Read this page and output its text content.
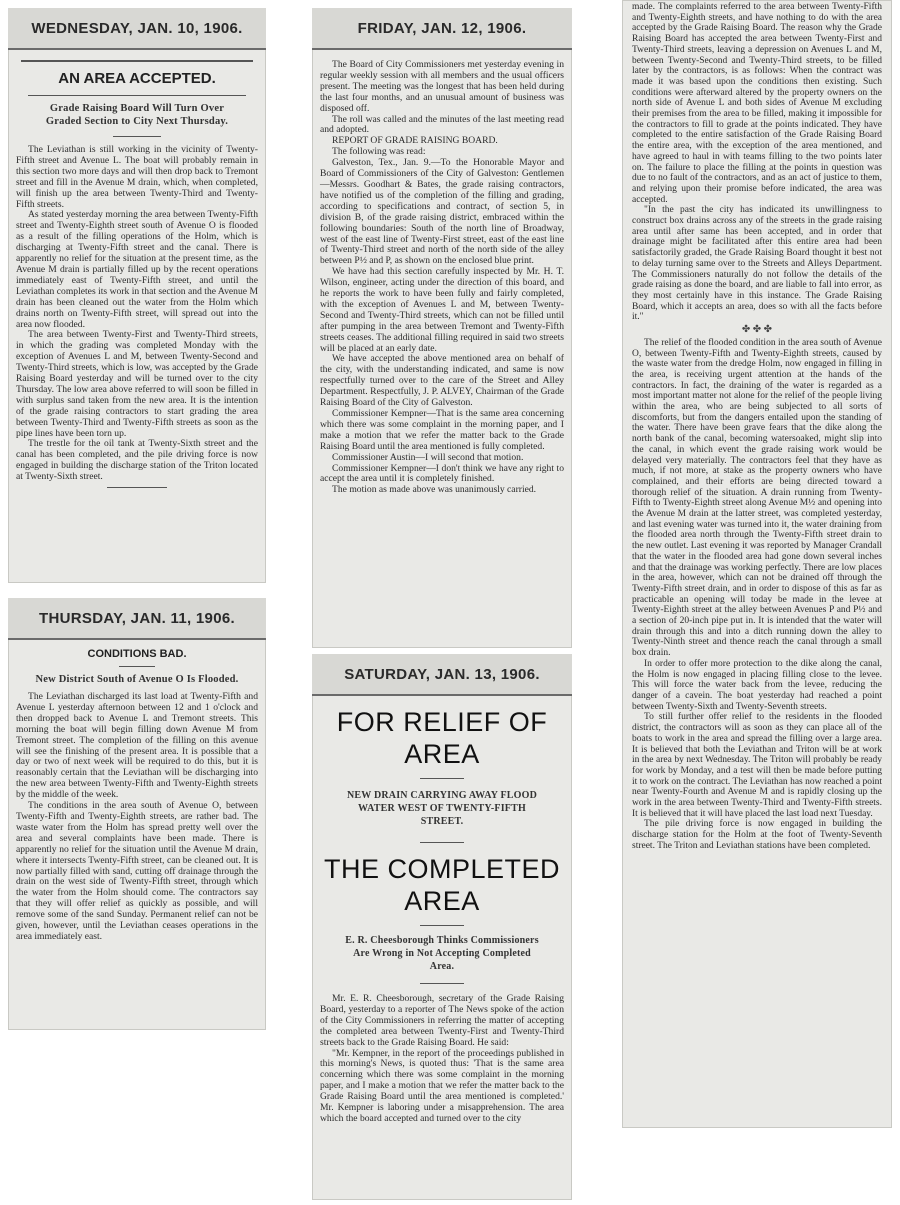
WEDNESDAY, JAN. 10, 1906.
AN AREA ACCEPTED.
Grade Raising Board Will Turn Over Graded Section to City Next Thursday.

The Leviathan is still working in the vicinity of Twenty-Fifth street and Avenue L. The boat will probably remain in this section two more days and will then drop back to Tremont street and fill in the Avenue M drain, which, when completed, will finish up the area between Twenty-Third and Twenty-Fifth streets.

As stated yesterday morning the area between Twenty-Fifth street and Twenty-Eighth street south of Avenue O is flooded as a result of the filling operations of the Holm, which is discharging at Twenty-Fifth street and the canal. There is apparently no relief for the situation at the present time, as the Avenue M drain is partially filled up by the recent operations immediately east of Twenty-Fifth street, and until the Leviathan completes its work in that section and the Avenue M drain has been cleaned out the water from the Holm which drains north on Twenty-Fifth street, will spread out into the area now flooded.

The area between Twenty-First and Twenty-Third streets, in which the grading was completed Monday with the exception of Avenues L and M, between Twenty-Second and Twenty-Third streets, which is low, was accepted by the Grade Raising Board yesterday and will be turned over to the city Thursday. The low area above referred to will soon be filled in with surplus sand taken from the new area. It is the intention of the grade raising contractors to start grading the area between Twenty-Third and Twenty-Fifth streets as soon as the pipe lines have been torn up.

The trestle for the oil tank at Twenty-Sixth street and the canal has been completed, and the pile driving force is now engaged in building the discharge station of the Triton located at Twenty-Sixth street.

THURSDAY, JAN. 11, 1906.
CONDITIONS BAD.
New District South of Avenue O Is Flooded.

The Leviathan discharged its last load at Twenty-Fifth and Avenue L yesterday afternoon between 12 and 1 o'clock and then dropped back to Avenue L and Tremont streets. This morning the boat will begin filling down Avenue M from Tremont street. The completion of the filling on this avenue will see the finishing of the present area. It is possible that a day or two of next week will be required to do this, but it is reasonably certain that the Leviathan will be discharging into the new area between Twenty-Fifth and Twenty-Eighth streets by the middle of the week.

The conditions in the area south of Avenue O, between Twenty-Fifth and Twenty-Eighth streets, are rather bad. The waste water from the Holm has spread pretty well over the area and several complaints have been made. There is apparently no relief for the situation until the Avenue M drain, where it intersects Twenty-Fifth street, can be cleaned out. It is now partially filled with sand, cutting off drainage through the drain on the west side of Twenty-Fifth street, through which the water from the Holm should come. The contractors say that they will offer relief as quickly as possible, and will remove some of the sand Sunday. Permanent relief can not be given, however, until the Leviathan ceases operations in the area immediately east.

FRIDAY, JAN. 12, 1906.

The Board of City Commissioners met yesterday evening in regular weekly session with all members and the usual officers present. The meeting was the longest that has been held during the last four months, and an unusual amount of business was disposed off.

The roll was called and the minutes of the last meeting read and adopted.

REPORT OF GRADE RAISING BOARD.

The following was read:

Galveston, Tex., Jan. 9.—To the Honorable Mayor and Board of Commissioners of the City of Galveston: Gentlemen—Messrs. Goodhart & Bates, the grade raising contractors, have notified us of the completion of the filling and grading, according to specifications and contract, of section 5, in division B, of the grade raising district, embraced within the following boundaries: South of the north line of Broadway, west of the east line of Twenty-First street, east of the east line of Twenty-Third street and north of the north side of the alley between P½ and P, as shown on the enclosed blue print.

We have had this section carefully inspected by Mr. H. T. Wilson, engineer, acting under the direction of this board, and he reports the work to have been fully and fairly completed, with the exception of Avenues L and M, between Twenty-Second and Twenty-Third streets, which can not be filled until after pumping in the area between Tremont and Twenty-Fifth streets ceases. The additional filling required in said two streets will be placed at an early date.

We have accepted the above mentioned area on behalf of the city, with the understanding indicated, and same is now respectfully turned over to the care of the Street and Alley Department. Respectfully, J. P. ALVEY, Chairman of the Grade Raising Board of the City of Galveston.

Commissioner Kempner—That is the same area concerning which there was some complaint in the morning paper, and I make a motion that we refer the matter back to the Grade Raising Board until the area mentioned is fully completed.

Commissioner Austin—I will second that motion.

Commissioner Kempner—I don't think we have any right to accept the area until it is completely finished.

The motion as made above was unanimously carried.

SATURDAY, JAN. 13, 1906.
FOR RELIEF OF AREA
NEW DRAIN CARRYING AWAY FLOOD WATER WEST OF TWENTY-FIFTH STREET.
THE COMPLETED AREA
E. R. Cheesborough Thinks Commissioners Are Wrong in Not Accepting Completed Area.

Mr. E. R. Cheesborough, secretary of the Grade Raising Board, yesterday to a reporter of The News spoke of the action of the City Commissioners in referring the matter of accepting the completed area between Twenty-First and Twenty-Third streets back to the Grade Raising Board. He said:

"Mr. Kempner, in the report of the proceedings published in this morning's News, is quoted thus: 'That is the same area concerning which there was some complaint in the morning paper, and I make a motion that we refer the matter back to the Grade Raising Board until the area mentioned is completed.' Mr. Kempner is laboring under a misapprehension. The area which the board accepted and turned over to the city

made. The complaints referred to the area between Twenty-Fifth and Twenty-Eighth streets, and have nothing to do with the area accepted by the Grade Raising Board. The reason why the Grade Raising Board has accepted the area between Twenty-First and Twenty-Third streets, leaving a depression on Avenues L and M, between Twenty-Second and Twenty-Third streets, to be filled later by the contractors, is as follows: When the contract was made it was based upon the conditions then existing. Such conditions were afterward altered by the property owners on the north side of Avenue L and both sides of Avenue M excluding their premises from the area to be filled, making it impossible for the contractors to fill to grade at the points indicated. They have completed to the entire satisfaction of the Grade Raising Board the entire area, with the exception of the area mentioned, and have agreed to haul in with teams filling to the two points later on. The failure to place the filling at the points in question was due to no fault of the contractors, and as an act of justice to them, and relying upon their promise before indicated, the area was accepted.

"In the past the city has indicated its unwillingness to construct box drains across any of the streets in the grade raising area until after same has been accepted, and in order that drainage might be facilitated after this entire area had been satisfactorily graded, the Grade Raising Board thought it best not to delay turning same over to the Streets and Alleys Department. The Commissioners naturally do not follow the details of the grade raising as done the board, and are liable to fall into error, as they most certainly have in this instance. The Grade Raising Board, which it accepts an area, does so with all the facts before it."

✤ ✤ ✤

The relief of the flooded condition in the area south of Avenue O, between Twenty-Fifth and Twenty-Eighth streets, caused by the waste water from the dredge Holm, now engaged in filling in the area, is receiving urgent attention at the hands of the contractors. In fact, the draining of the water is regarded as a most important matter not alone for the relief of the people living within the area, who are being subjected to all sorts of discomforts, but from the dangers entailed upon the standing of the water. There have been grave fears that the dike along the north bank of the canal, becoming watersoaked, might slip into the canal, in which event the grade raising work would be delayed very materially. The contractors feel that they have as much, if not more, at stake as the property owners who have complained, and their efforts are being directed toward a thorough relief of the situation. A drain running from Twenty-Fifth to Twenty-Eighth street along Avenue M½ and opening into the Avenue M drain at the latter street, was completed yesterday, and last evening water was turned into it, the water draining from the flooded area north through the Twenty-Fifth street drain to the new outlet. Last evening it was reported by Manager Crandall that the water in the flooded area had gone down several inches and that the drainage was working perfectly. There are low places in the area, however, which can not be drained off through the Twenty-Fifth street drain, and in order to dispose of this as far as practicable an opening will today be made in the levee at Twenty-Eighth street at the alley between Avenues P and P½ and a section of 20-inch pipe put in. It is intended that the water will drain through this and into a ditch running down the alley to Twenty-Ninth street and thence reach the canal through a small box drain.

In order to offer more protection to the dike along the canal, the Holm is now engaged in placing filling close to the levee. This will force the water back from the levee, reducing the danger of a cavein. The boat yesterday had reached a point between Twenty-Sixth and Twenty-Seventh streets.

To still further offer relief to the residents in the flooded district, the contractors will as soon as they can place all of the boats to work in the area and spread the filling over a large area. It is believed that both the Leviathan and Triton will be at work in the area by next Wednesday. The Triton will probably be ready for work by Monday, and a test will then be made before putting it to work on the contract. The Leviathan has now reached a point near Twenty-Fourth and Avenue M and is rapidly closing up the work in the area between Twenty-Third and Twenty-Fifth streets. It is believed that it will have placed the last load next Tuesday.

The pile driving force is now engaged in building the discharge station for the Holm at the foot of Twenty-Seventh street. The Triton and Leviathan stations have been completed.
